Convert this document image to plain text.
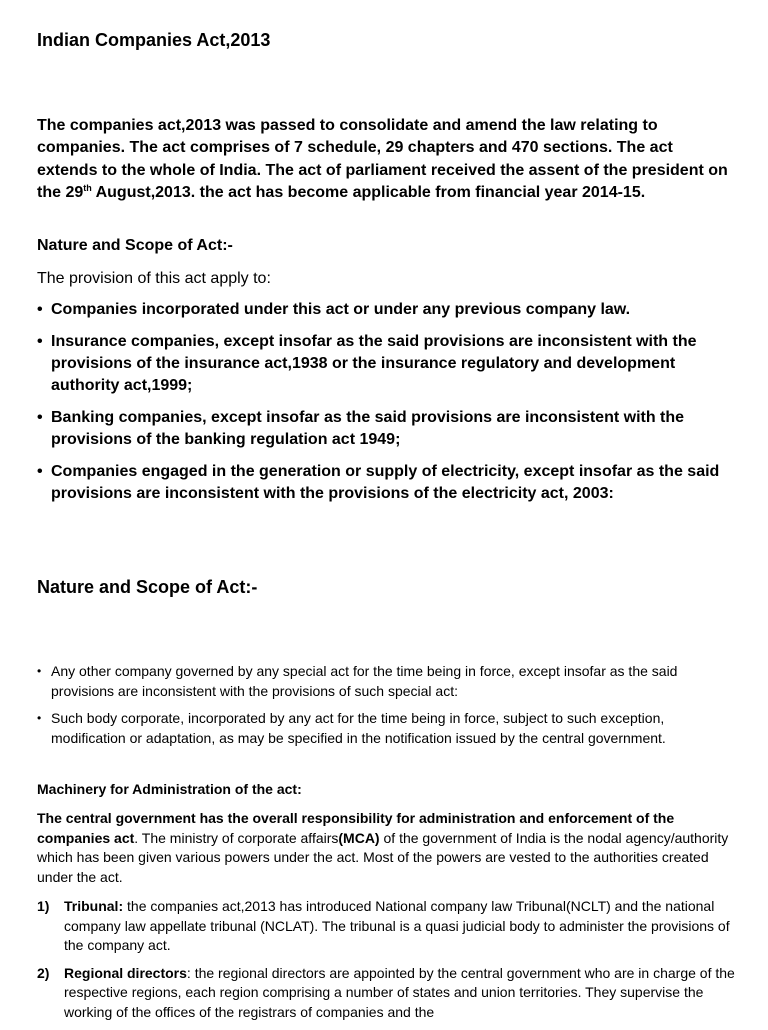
Indian Companies Act,2013

The companies act,2013 was passed to consolidate and amend the law relating to companies. The act comprises of 7 schedule, 29 chapters and 470 sections. The act extends to the whole of India. The act of parliament received the assent of the president on the 29th August,2013. the act has become applicable from financial year 2014-15.

Nature and Scope of Act:-

The provision of this act apply to:

• Companies incorporated under this act or under any previous company law.
• Insurance companies, except insofar as the said provisions are inconsistent with the provisions of the insurance act,1938 or the insurance regulatory and development authority act,1999;
• Banking companies, except insofar as the said provisions are inconsistent with the provisions of the banking regulation act 1949;
• Companies engaged in the generation or supply of electricity, except insofar as the said provisions are inconsistent with the provisions of the electricity act, 2003:
Nature and Scope of Act:-
• Any other company governed by any special act for the time being in force, except insofar as the said provisions are inconsistent with the provisions of such special act:
• Such body corporate, incorporated by any act for the time being in force, subject to such exception, modification or adaptation, as may be specified in the notification issued by the central government.

Machinery for Administration of the act:

The central government has the overall responsibility for administration and enforcement of the companies act. The ministry of corporate affairs(MCA) of the government of India is the nodal agency/authority which has been given various powers under the act. Most of the powers are vested to the authorities created under the act.

1) Tribunal: the companies act,2013 has introduced National company law Tribunal(NCLT) and the national company law appellate tribunal (NCLAT). The tribunal is a quasi judicial body to administer the provisions of the company act.
2) Regional directors: the regional directors are appointed by the central government who are in charge of the respective regions, each region comprising a number of states and union territories. They supervise the working of the offices of the registrars of companies and the
